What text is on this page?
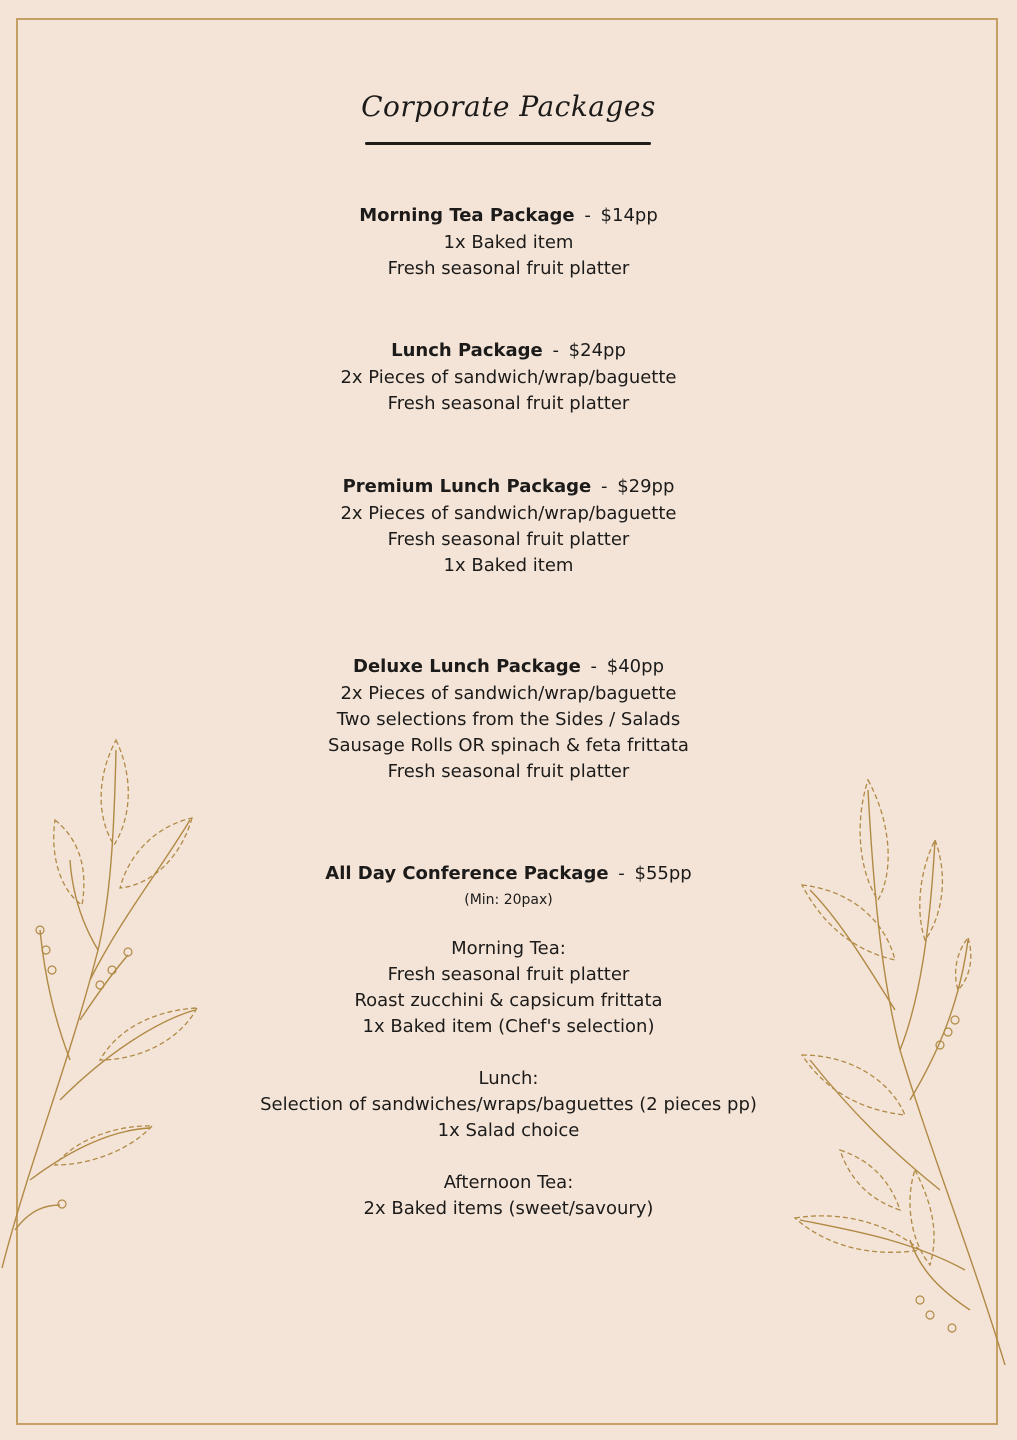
Corporate Packages
Morning Tea Package - $14pp
1x Baked item
Fresh seasonal fruit platter
Lunch Package - $24pp
2x Pieces of sandwich/wrap/baguette
Fresh seasonal fruit platter
Premium Lunch Package - $29pp
2x Pieces of sandwich/wrap/baguette
Fresh seasonal fruit platter
1x Baked item
Deluxe Lunch Package - $40pp
2x Pieces of sandwich/wrap/baguette
Two selections from the Sides / Salads
Sausage Rolls OR spinach & feta frittata
Fresh seasonal fruit platter
All Day Conference Package - $55pp
(Min: 20pax)
Morning Tea:
Fresh seasonal fruit platter
Roast zucchini & capsicum frittata
1x Baked item (Chef's selection)
Lunch:
Selection of sandwiches/wraps/baguettes (2 pieces pp)
1x Salad choice
Afternoon Tea:
2x Baked items (sweet/savoury)
